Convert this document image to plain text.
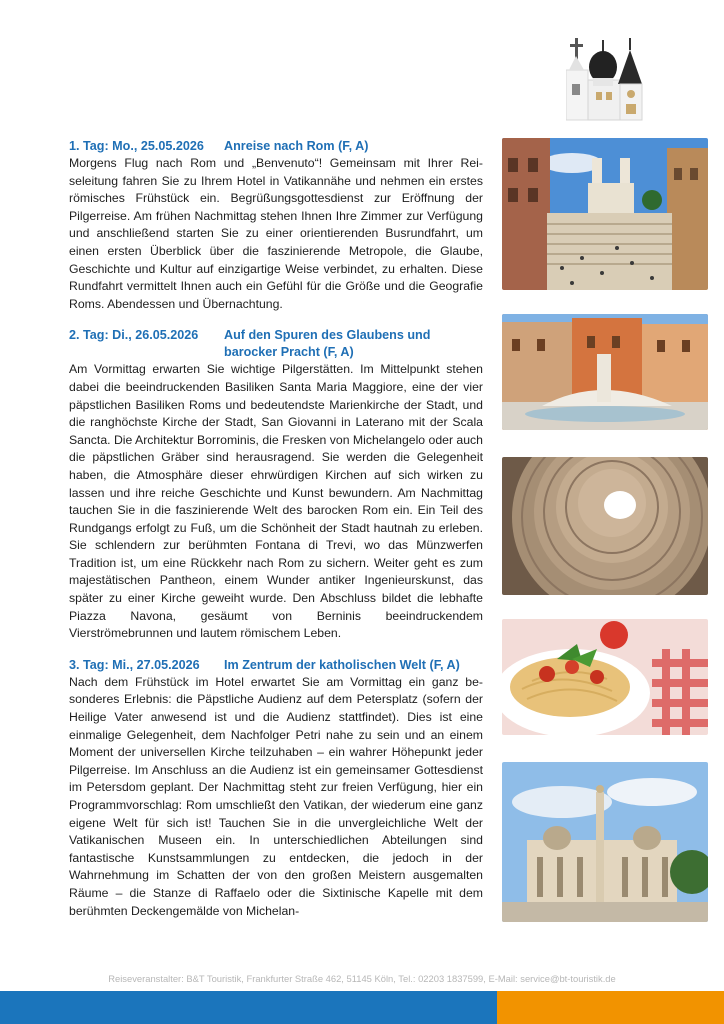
1. Tag: Mo., 25.05.2026 Anreise nach Rom (F, A)

Morgens Flug nach Rom und „Benvenuto“! Gemeinsam mit Ihrer Reiseleitung fahren Sie zu Ihrem Hotel in Vatikannähe und nehmen ein erstes römisches Frühstück ein. Begrüßungsgottesdienst zur Eröffnung der Pilgerreise. Am frühen Nachmittag stehen Ihnen Ihre Zimmer zur Verfügung und anschließend starten Sie zu einer orientierenden Busrundfahrt, um einen ersten Überblick über die faszinierende Metropole, die Glaube, Geschichte und Kultur auf einzigartige Weise verbindet, zu erhalten. Diese Rundfahrt vermittelt Ihnen auch ein Gefühl für die Größe und die Geografie Roms. Abendessen und Übernachtung.

2. Tag: Di., 26.05.2026	Auf den Spuren des Glaubens und barocker Pracht (F, A)

Am Vormittag erwarten Sie wichtige Pilgerstätten. Im Mittelpunkt stehen dabei die beeindruckenden Basiliken Santa Maria Maggiore, eine der vier päpstlichen Basiliken Roms und bedeutendste Marienkirche der Stadt, und die ranghöchste Kirche der Stadt, San Giovanni in Laterano mit der Scala Sancta. Die Architektur Borrominis, die Fresken von Michelangelo oder auch die päpstlichen Gräber sind herausragend. Sie werden die Gelegenheit haben, die Atmosphäre dieser ehrwürdigen Kirchen auf sich wirken zu lassen und ihre reiche Geschichte und Kunst bewundern. Am Nachmittag tauchen Sie in die faszinierende Welt des barocken Rom ein. Ein Teil des Rundgangs erfolgt zu Fuß, um die Schönheit der Stadt hautnah zu erleben. Sie schlendern zur berühmten Fontana di Trevi, wo das Münzwerfen Tradition ist, um eine Rückkehr nach Rom zu sichern. Weiter geht es zum majestätischen Pantheon, einem Wunder antiker Ingenieurskunst, das später zu einer Kirche geweiht wurde. Den Abschluss bildet die lebhafte Piazza Navona, gesäumt von Berninis beeindruckendem Vierströmebrunnen und lautem römischem Leben.

3. Tag: Mi., 27.05.2026 Im Zentrum der katholischen Welt (F, A)

Nach dem Frühstück im Hotel erwartet Sie am Vormittag ein ganz besonderes Erlebnis: die Päpstliche Audienz auf dem Petersplatz (sofern der Heilige Vater anwesend ist und die Audienz stattfindet). Dies ist eine einmalige Gelegenheit, dem Nachfolger Petri nahe zu sein und an einem Moment der universellen Kirche teilzuhaben – ein wahrer Höhepunkt jeder Pilgerreise. Im Anschluss an die Audienz ist ein gemeinsamer Gottesdienst im Petersdom geplant. Der Nachmittag steht zur freien Verfügung, hier ein Programmvorschlag: Rom umschließt den Vatikan, der wiederum eine ganz eigene Welt für sich ist! Tauchen Sie in die unvergleichliche Welt der Vatikanischen Museen ein. In unterschiedlichen Abteilungen sind fantastische Kunstsammlungen zu entdecken, die jedoch in der Wahrnehmung im Schatten der von den großen Meistern ausgemalten Räume – die Stanze di Raffaelo oder die Sixtinische Kapelle mit dem berühmten Deckengemälde von Michelan-

Reiseveranstalter: B&T Touristik, Frankfurter Straße 462, 51145 Köln, Tel.: 02203 1837599, E-Mail: service@bt-touristik.de
